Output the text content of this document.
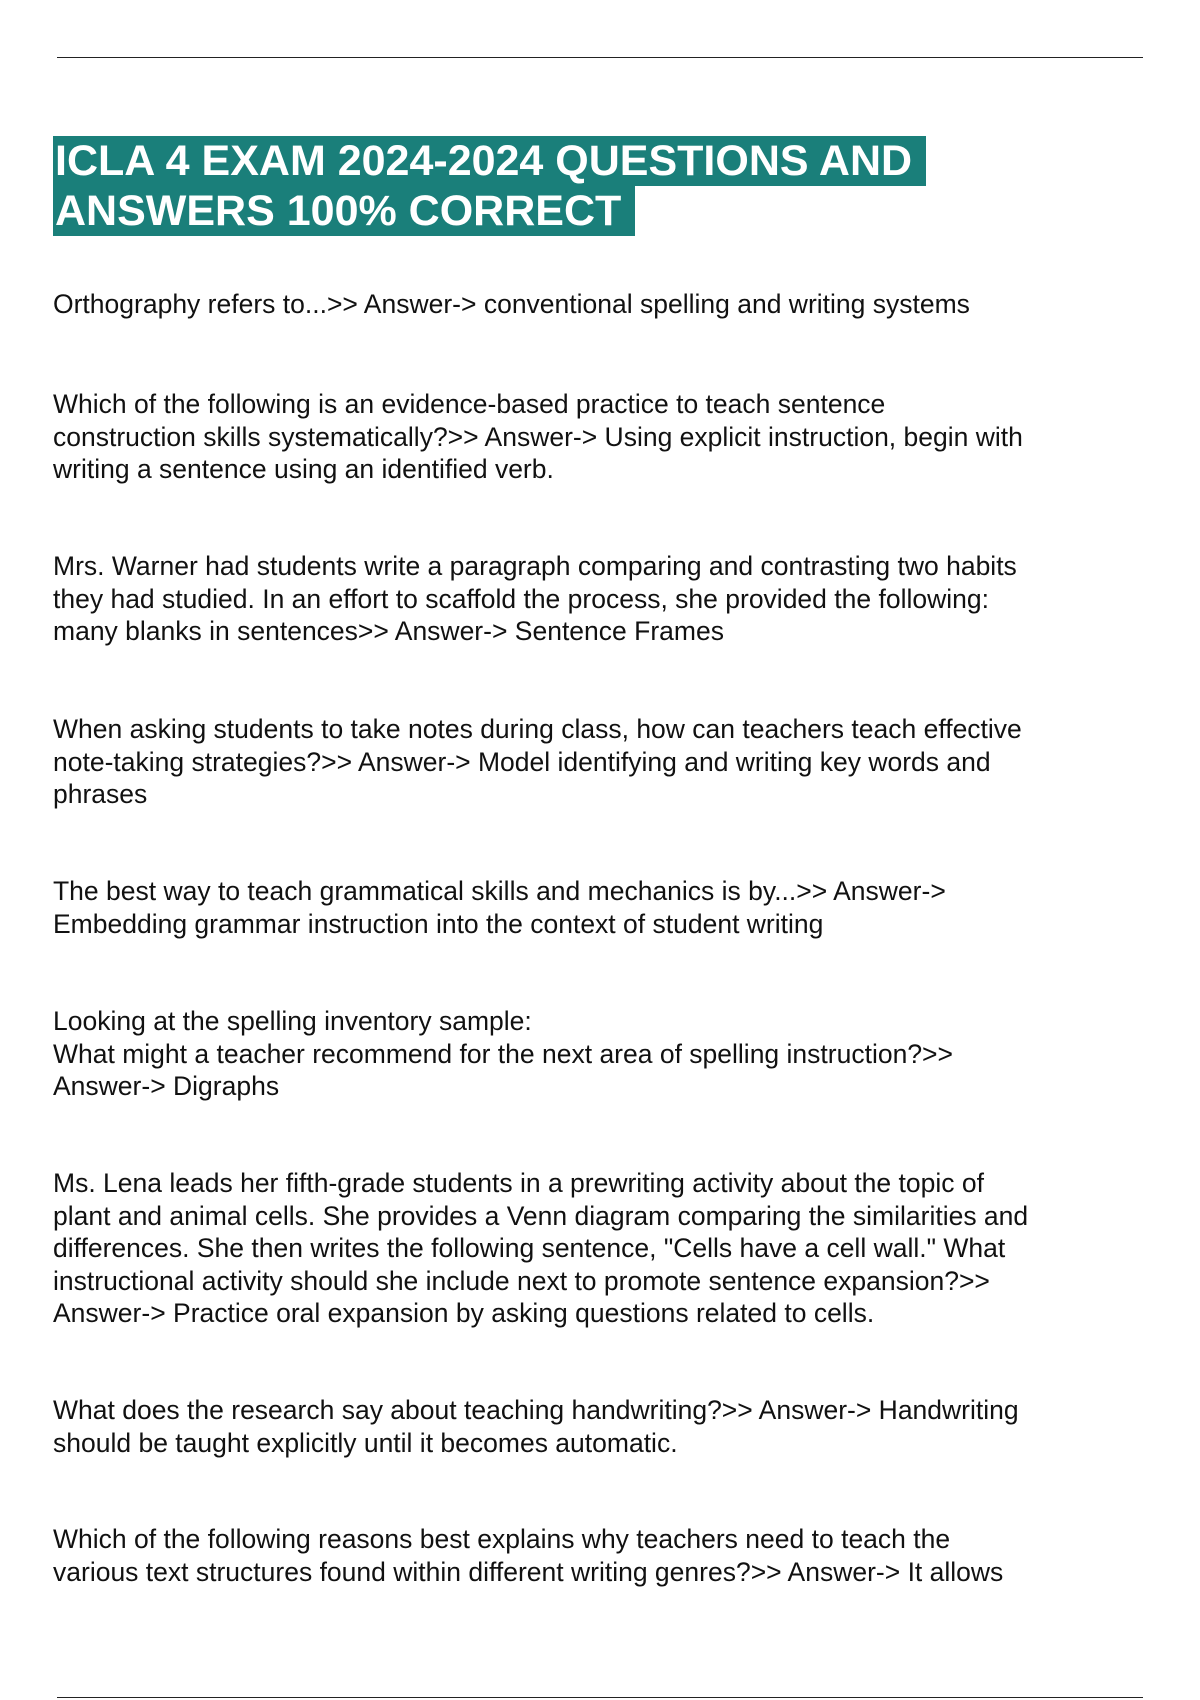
ICLA 4 EXAM 2024-2024 QUESTIONS AND
ANSWERS 100% CORRECT

Orthography refers to...>> Answer-> conventional spelling and writing systems

Which of the following is an evidence-based practice to teach sentence
construction skills systematically?>> Answer-> Using explicit instruction, begin with
writing a sentence using an identified verb.

Mrs. Warner had students write a paragraph comparing and contrasting two habits
they had studied. In an effort to scaffold the process, she provided the following:
many blanks in sentences>> Answer-> Sentence Frames

When asking students to take notes during class, how can teachers teach effective
note-taking strategies?>> Answer-> Model identifying and writing key words and
phrases

The best way to teach grammatical skills and mechanics is by...>> Answer->
Embedding grammar instruction into the context of student writing

Looking at the spelling inventory sample:
What might a teacher recommend for the next area of spelling instruction?>>
Answer-> Digraphs

Ms. Lena leads her fifth-grade students in a prewriting activity about the topic of
plant and animal cells. She provides a Venn diagram comparing the similarities and
differences. She then writes the following sentence, "Cells have a cell wall." What
instructional activity should she include next to promote sentence expansion?>>
Answer-> Practice oral expansion by asking questions related to cells.

What does the research say about teaching handwriting?>> Answer-> Handwriting
should be taught explicitly until it becomes automatic.

Which of the following reasons best explains why teachers need to teach the
various text structures found within different writing genres?>> Answer-> It allows
